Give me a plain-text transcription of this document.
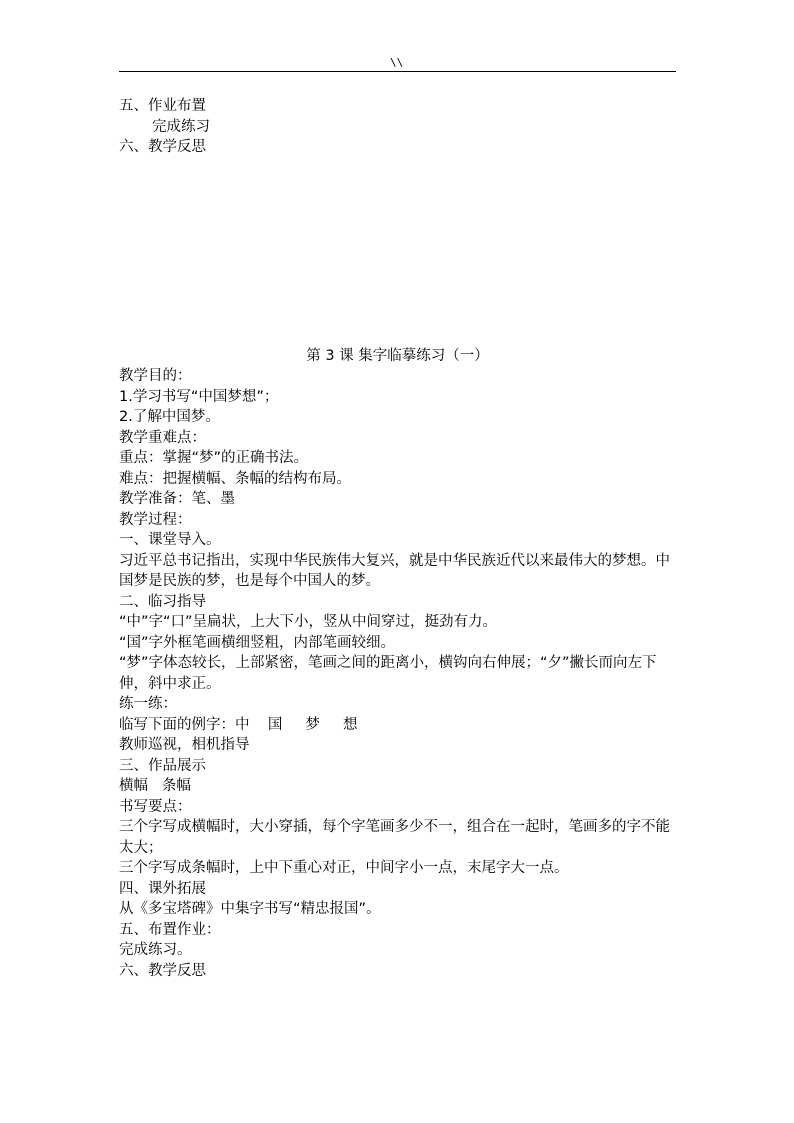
\\
五、作业布置
完成练习
六、教学反思
第 3 课 集字临摹练习（一）
教学目的：
1.学习书写“中国梦想”；
2.了解中国梦。
教学重难点：
重点：掌握“梦”的正确书法。
难点：把握横幅、条幅的结构布局。
教学准备：笔、墨
教学过程：
一、课堂导入。
习近平总书记指出，实现中华民族伟大复兴，就是中华民族近代以来最伟大的梦想。中国梦是民族的梦，也是每个中国人的梦。
二、临习指导
“中”字“口”呈扁状，上大下小，竖从中间穿过，挺劲有力。
“国”字外框笔画横细竖粗，内部笔画较细。
“梦”字体态较长，上部紧密，笔画之间的距离小，横钩向右伸展；“夕”撇长而向左下伸，斜中求正。
练一练：
临写下面的例字：中    国     梦     想
教师巡视，相机指导
三、作品展示
横幅   条幅
书写要点：
三个字写成横幅时，大小穿插，每个字笔画多少不一，组合在一起时，笔画多的字不能太大；
三个字写成条幅时，上中下重心对正，中间字小一点，末尾字大一点。
四、课外拓展
从《多宝塔碑》中集字书写“精忠报国”。
五、布置作业：
完成练习。
六、教学反思
